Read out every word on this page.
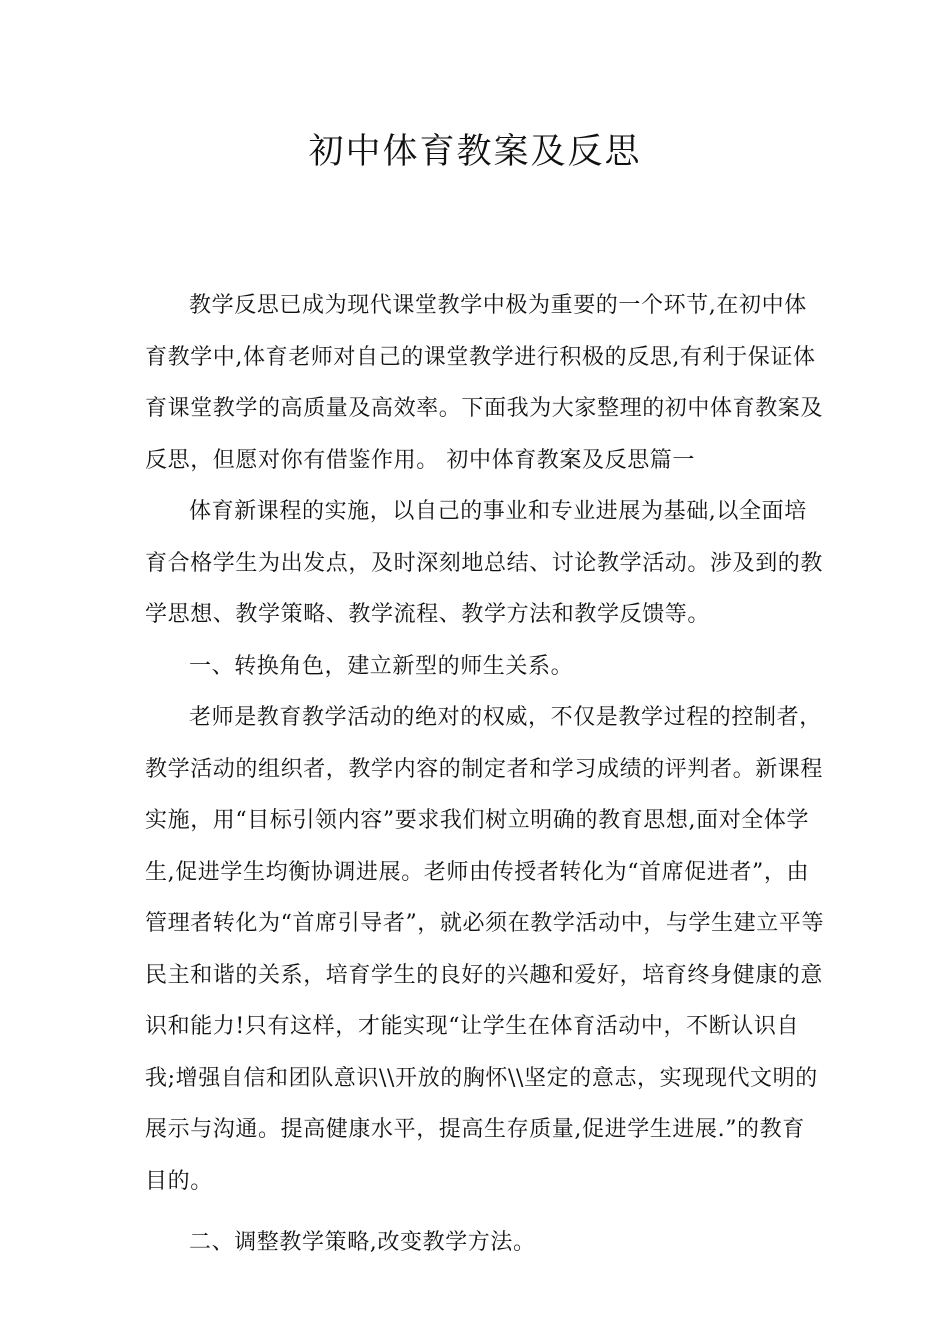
初中体育教案及反思

教学反思已成为现代课堂教学中极为重要的一个环节,在初中体育教学中,体育老师对自己的课堂教学进行积极的反思,有利于保证体育课堂教学的高质量及高效率。下面我为大家整理的初中体育教案及反思，但愿对你有借鉴作用。 初中体育教案及反思篇一

体育新课程的实施，以自己的事业和专业进展为基础,以全面培育合格学生为出发点，及时深刻地总结、讨论教学活动。涉及到的教学思想、教学策略、教学流程、教学方法和教学反馈等。

一、转换角色，建立新型的师生关系。

老师是教育教学活动的绝对的权威，不仅是教学过程的控制者，教学活动的组织者，教学内容的制定者和学习成绩的评判者。新课程实施，用“目标引领内容”要求我们树立明确的教育思想,面对全体学生,促进学生均衡协调进展。老师由传授者转化为“首席促进者”，由管理者转化为“首席引导者”，就必须在教学活动中，与学生建立平等民主和谐的关系，培育学生的良好的兴趣和爱好，培育终身健康的意识和能力!只有这样，才能实现“让学生在体育活动中，不断认识自我;增强自信和团队意识\\开放的胸怀\\坚定的意志，实现现代文明的展示与沟通。提高健康水平，提高生存质量,促进学生进展.”的教育目的。

二、调整教学策略,改变教学方法。
